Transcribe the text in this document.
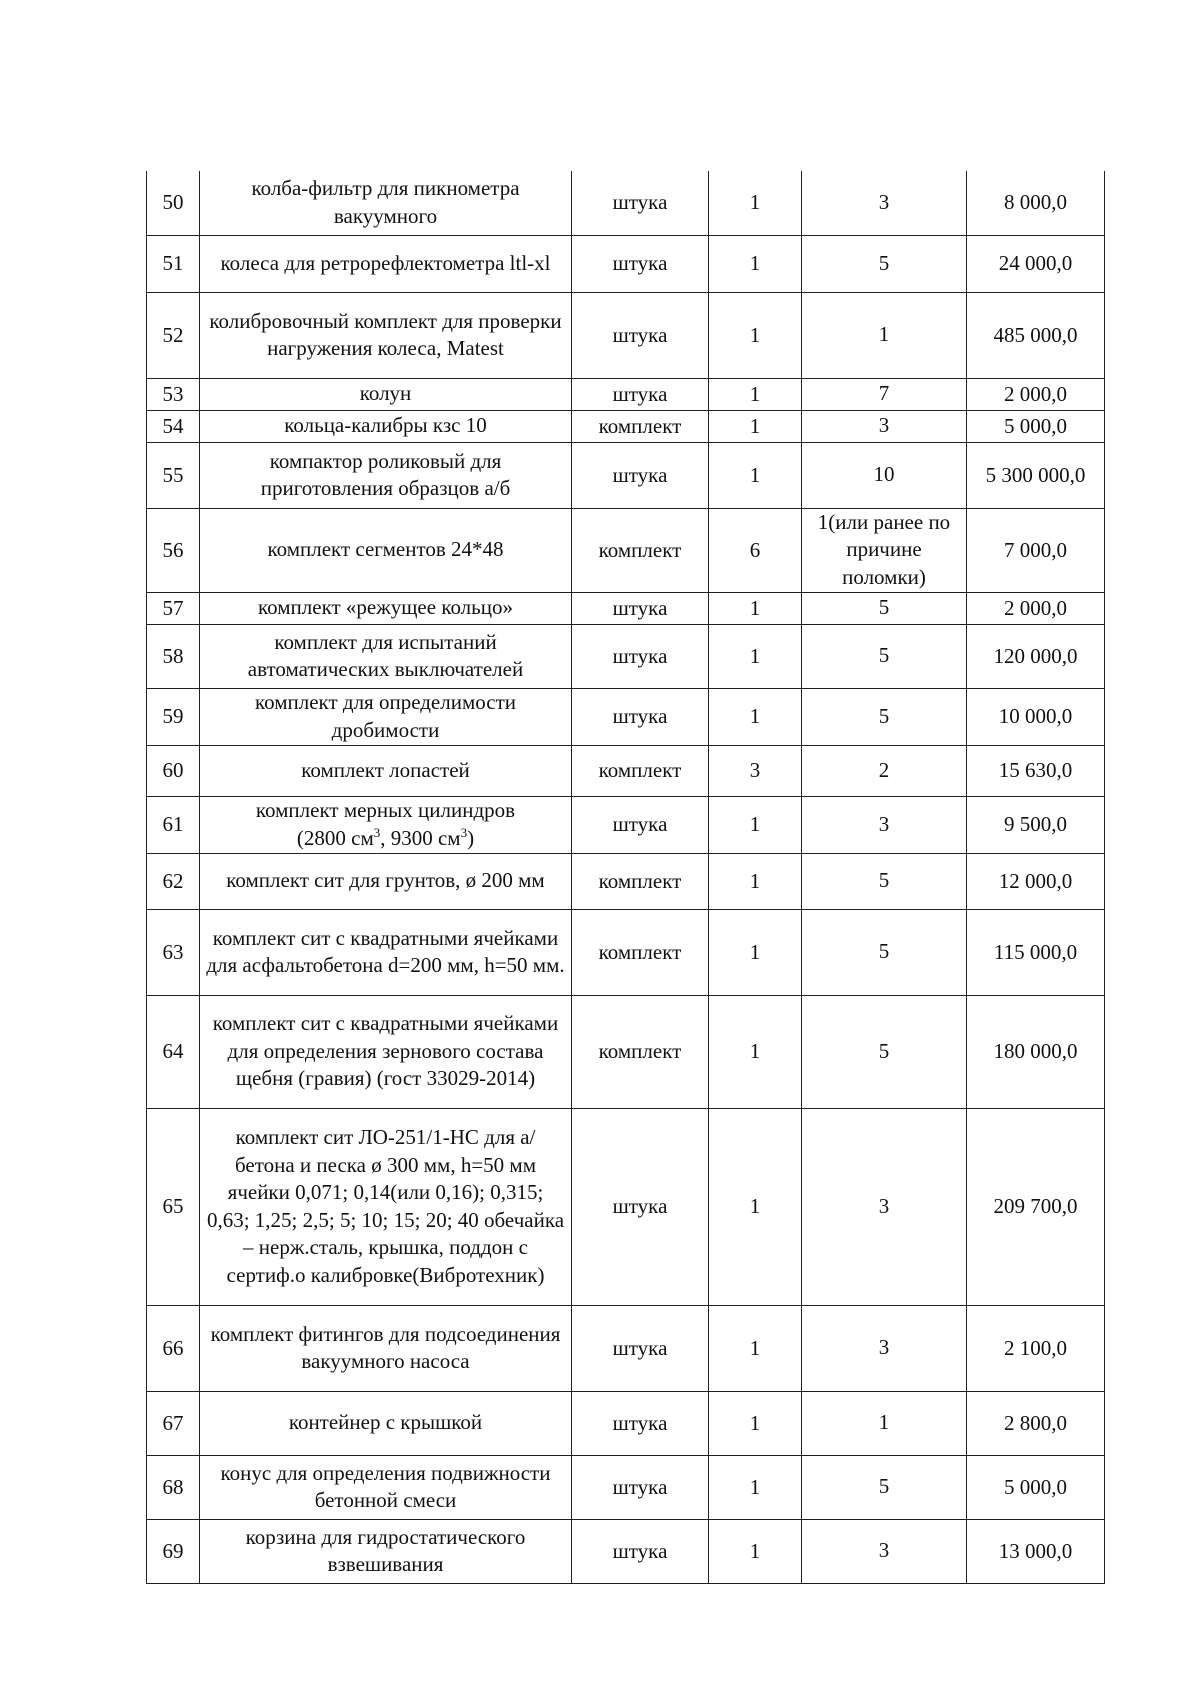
50	колба-фильтр для пикнометра вакуумного	штука	1	3	8 000,0
51	колеса для ретрорефлектометра ltl-xl	штука	1	5	24 000,0
52	колибровочный комплект для проверки нагружения колеса, Matest	штука	1	1	485 000,0
53	колун	штука	1	7	2 000,0
54	кольца-калибры кзс 10	комплект	1	3	5 000,0
55	компактор роликовый для приготовления образцов а/б	штука	1	10	5 300 000,0
56	комплект сегментов 24*48	комплект	6	1(или ранее по причине поломки)	7 000,0
57	комплект «режущее кольцо»	штука	1	5	2 000,0
58	комплект для испытаний автоматических выключателей	штука	1	5	120 000,0
59	комплект для определимости дробимости	штука	1	5	10 000,0
60	комплект лопастей	комплект	3	2	15 630,0
61	комплект мерных цилиндров
(2800 $см^3$, 9300 $см^3$)	штука	1	3	9 500,0
62	комплект сит для грунтов, ø 200 мм	комплект	1	5	12 000,0
63	комплект сит с квадратными ячейками для асфальтобетона d=200 мм, h=50 мм.	комплект	1	5	115 000,0
64	комплект сит с квадратными ячейками для определения зернового состава щебня (гравия) (гост 33029-2014)	комплект	1	5	180 000,0
65	комплект сит ЛО-251/1-НС для а/бетона и песка ø 300 мм, h=50 мм ячейки 0,071; 0,14(или 0,16); 0,315; 0,63; 1,25; 2,5; 5; 10; 15; 20; 40 обечайка – нерж.сталь, крышка, поддон с сертиф.о калибровке(Вибротехник)	штука	1	3	209 700,0
66	комплект фитингов для подсоединения вакуумного насоса	штука	1	3	2 100,0
67	контейнер с крышкой	штука	1	1	2 800,0
68	конус для определения подвижности бетонной смеси	штука	1	5	5 000,0
69	корзина для гидростатического взвешивания	штука	1	3	13 000,0
